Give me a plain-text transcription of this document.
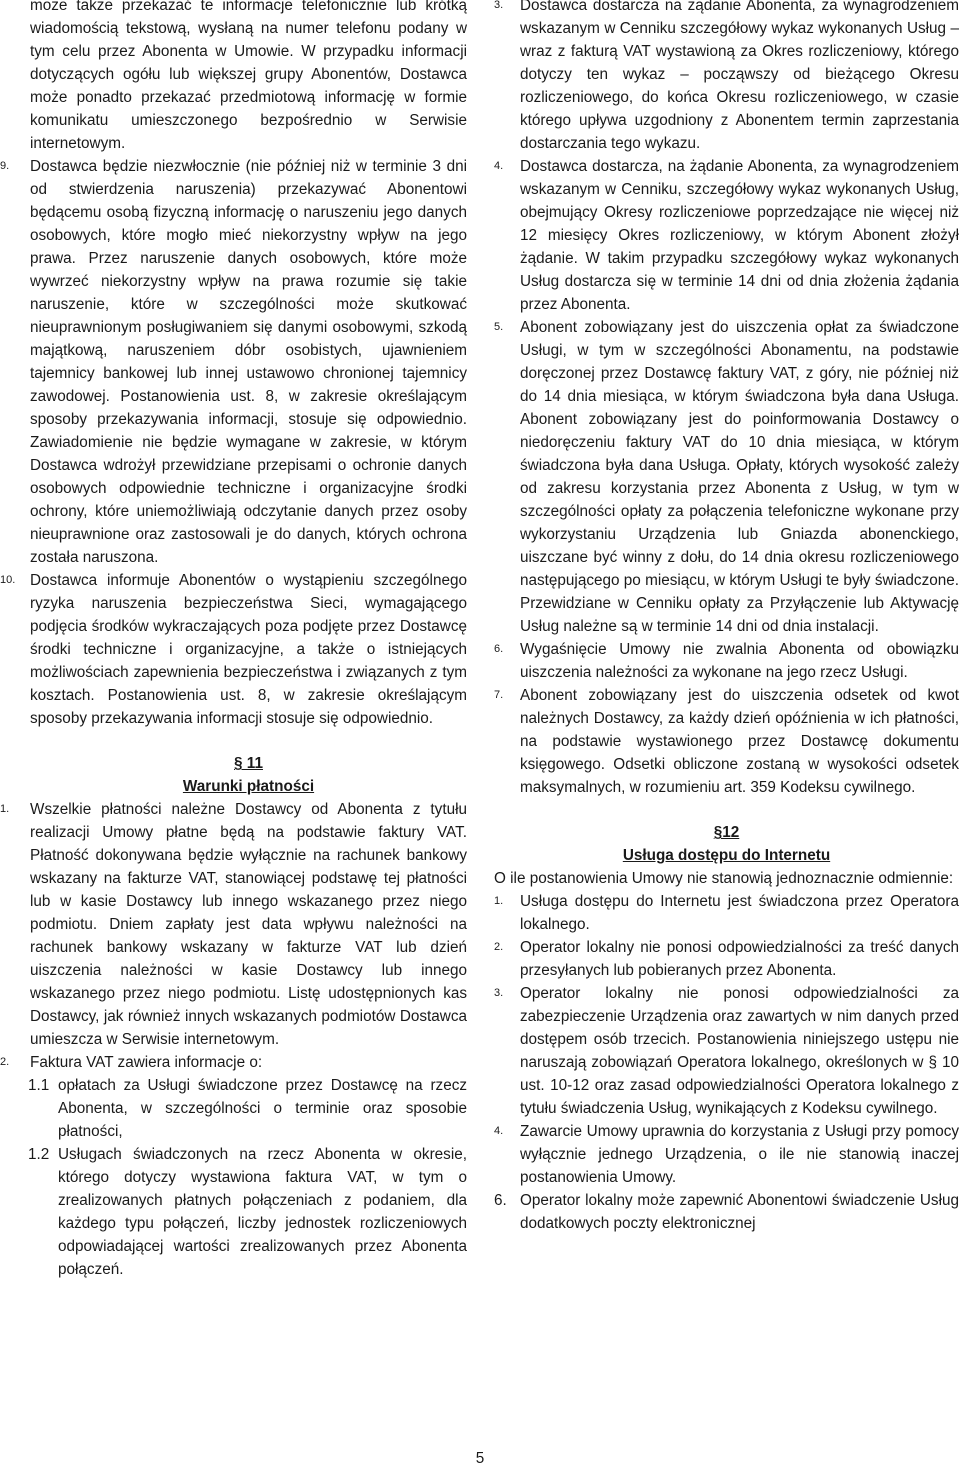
może także przekazać te informacje telefonicznie lub krótką wiadomością tekstową, wysłaną na numer telefonu podany w tym celu przez Abonenta w Umowie. W przypadku informacji dotyczących ogółu lub większej grupy Abonentów, Dostawca może ponadto przekazać przedmiotową informację w formie komunikatu umieszczonego bezpośrednio w Serwisie internetowym.

9.	Dostawca będzie niezwłocznie (nie później niż w terminie 3 dni od stwierdzenia naruszenia) przekazywać Abonentowi będącemu osobą fizyczną informację o naruszeniu jego danych osobowych, które mogło mieć niekorzystny wpływ na jego prawa. Przez naruszenie danych osobowych, które może wywrzeć niekorzystny wpływ na prawa rozumie się takie naruszenie, które w szczególności może skutkować nieuprawnionym posługiwaniem się danymi osobowymi, szkodą majątkową, naruszeniem dóbr osobistych, ujawnieniem tajemnicy bankowej lub innej ustawowo chronionej tajemnicy zawodowej. Postanowienia ust. 8, w zakresie określającym sposoby przekazywania informacji, stosuje się odpowiednio. Zawiadomienie nie będzie wymagane w zakresie, w którym Dostawca wdrożył przewidziane przepisami o ochronie danych osobowych odpowiednie techniczne i organizacyjne środki ochrony, które uniemożliwiają odczytanie danych przez osoby nieuprawnione oraz zastosowali je do danych, których ochrona została naruszona.
10. Dostawca informuje Abonentów o wystąpieniu szczególnego ryzyka naruszenia bezpieczeństwa Sieci, wymagającego podjęcia środków wykraczających poza podjęte przez Dostawcę środki techniczne i organizacyjne, a także o istniejących możliwościach zapewnienia bezpieczeństwa i związanych z tym kosztach. Postanowienia ust. 8, w zakresie określającym sposoby przekazywania informacji stosuje się odpowiednio.

§ 11

Warunki płatności

1.	Wszelkie płatności należne Dostawcy od Abonenta z tytułu realizacji Umowy płatne będą na podstawie faktury VAT. Płatność dokonywana będzie wyłącznie na rachunek bankowy wskazany na fakturze VAT, stanowiącej podstawę tej płatności lub w kasie Dostawcy lub innego wskazanego przez niego podmiotu. Dniem zapłaty jest data wpływu należności na rachunek bankowy wskazany w fakturze VAT lub dzień uiszczenia należności w kasie Dostawcy lub innego wskazanego przez niego podmiotu. Listę udostępnionych kas Dostawcy, jak również innych wskazanych podmiotów Dostawca umieszcza w Serwisie internetowym.
2.	Faktura VAT zawiera informacje o:
1.1 opłatach za Usługi świadczone przez Dostawcę na rzecz Abonenta, w szczególności o terminie oraz sposobie płatności,
1.2 Usługach świadczonych na rzecz Abonenta w okresie, którego dotyczy wystawiona faktura VAT, w tym o zrealizowanych płatnych połączeniach z podaniem, dla każdego typu połączeń, liczby jednostek rozliczeniowych odpowiadającej wartości zrealizowanych przez Abonenta połączeń.
3.	Dostawca dostarcza na żądanie Abonenta, za wynagrodzeniem wskazanym w Cenniku szczegółowy wykaz wykonanych Usług – wraz z fakturą VAT wystawioną za Okres rozliczeniowy, którego dotyczy ten wykaz – począwszy od bieżącego Okresu rozliczeniowego, do końca Okresu rozliczeniowego, w czasie którego upływa uzgodniony z Abonentem termin zaprzestania dostarczania tego wykazu.
4.	Dostawca dostarcza, na żądanie Abonenta, za wynagrodzeniem wskazanym w Cenniku, szczegółowy wykaz wykonanych Usług, obejmujący Okresy rozliczeniowe poprzedzające nie więcej niż 12 miesięcy Okres rozliczeniowy, w którym Abonent złożył żądanie. W takim przypadku szczegółowy wykaz wykonanych Usług dostarcza się w terminie 14 dni od dnia złożenia żądania przez Abonenta.
5.	Abonent zobowiązany jest do uiszczenia opłat za świadczone Usługi, w tym w szczególności Abonamentu, na podstawie doręczonej przez Dostawcę faktury VAT, z góry, nie później niż do 14 dnia miesiąca, w którym świadczona była dana Usługa. Abonent zobowiązany jest do poinformowania Dostawcy o niedoręczeniu faktury VAT do 10 dnia miesiąca, w którym świadczona była dana Usługa. Opłaty, których wysokość zależy od zakresu korzystania przez Abonenta z Usług, w tym w szczególności opłaty za połączenia telefoniczne wykonane przy wykorzystaniu Urządzenia lub Gniazda abonenckiego, uiszczane być winny z dołu, do 14 dnia okresu rozliczeniowego następującego po miesiącu, w którym Usługi te były świadczone. Przewidziane w Cenniku opłaty za Przyłączenie lub Aktywację Usług należne są w terminie 14 dni od dnia instalacji.
6.	Wygaśnięcie Umowy nie zwalnia Abonenta od obowiązku uiszczenia należności za wykonane na jego rzecz Usługi.
7.	Abonent zobowiązany jest do uiszczenia odsetek od kwot należnych Dostawcy, za każdy dzień opóźnienia w ich płatności, na podstawie wystawionego przez Dostawcę dokumentu księgowego. Odsetki obliczone zostaną w wysokości odsetek maksymalnych, w rozumieniu art. 359 Kodeksu cywilnego.

§12

Usługa dostępu do Internetu

O ile postanowienia Umowy nie stanowią jednoznacznie odmiennie:

1.	Usługa dostępu do Internetu jest świadczona przez Operatora lokalnego.
2.	Operator lokalny nie ponosi odpowiedzialności za treść danych przesyłanych lub pobieranych przez Abonenta.
3.	Operator lokalny nie ponosi odpowiedzialności za zabezpieczenie Urządzenia oraz zawartych w nim danych przed dostępem osób trzecich. Postanowienia niniejszego ustępu nie naruszają zobowiązań Operatora lokalnego, określonych w § 10 ust. 10-12 oraz zasad odpowiedzialności Operatora lokalnego z tytułu świadczenia Usług, wynikających z Kodeksu cywilnego.
4.	Zawarcie Umowy uprawnia do korzystania z Usługi przy pomocy wyłącznie jednego Urządzenia, o ile nie stanowią inaczej postanowienia Umowy.
6. Operator lokalny może zapewnić Abonentowi świadczenie Usług dodatkowych poczty elektronicznej
5
